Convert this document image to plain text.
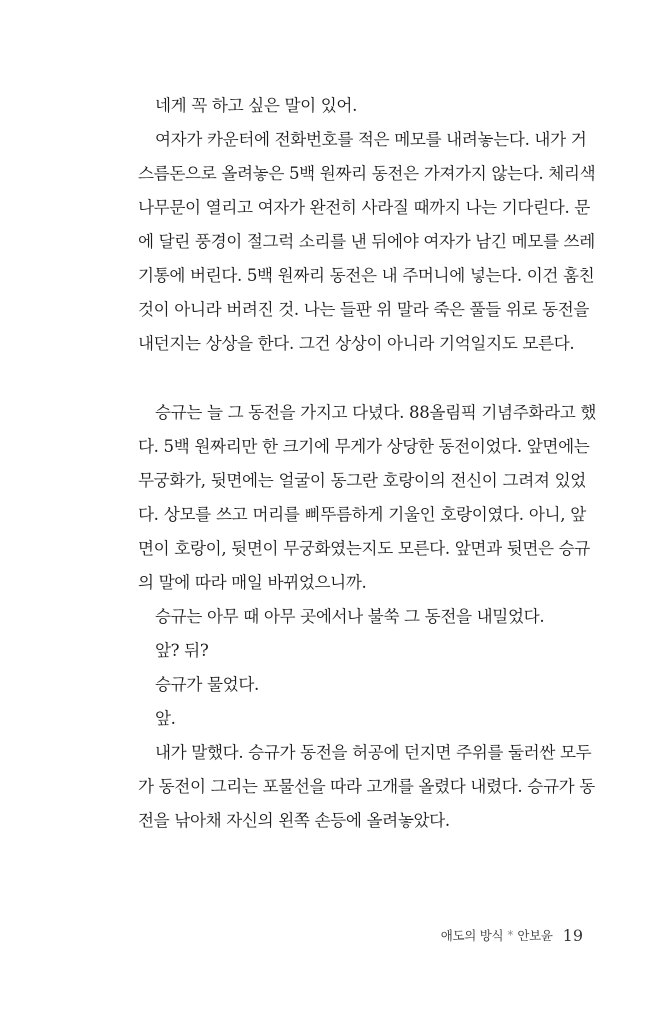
네게 꼭 하고 싶은 말이 있어.
여자가 카운터에 전화번호를 적은 메모를 내려놓는다. 내가 거
스름돈으로 올려놓은 5백 원짜리 동전은 가져가지 않는다. 체리색
나무문이 열리고 여자가 완전히 사라질 때까지 나는 기다린다. 문
에 달린 풍경이 절그럭 소리를 낸 뒤에야 여자가 남긴 메모를 쓰레
기통에 버린다. 5백 원짜리 동전은 내 주머니에 넣는다. 이건 훔친
것이 아니라 버려진 것. 나는 들판 위 말라 죽은 풀들 위로 동전을
내던지는 상상을 한다. 그건 상상이 아니라 기억일지도 모른다.
승규는 늘 그 동전을 가지고 다녔다. 88올림픽 기념주화라고 했
다. 5백 원짜리만 한 크기에 무게가 상당한 동전이었다. 앞면에는
무궁화가, 뒷면에는 얼굴이 동그란 호랑이의 전신이 그려져 있었
다. 상모를 쓰고 머리를 삐뚜름하게 기울인 호랑이였다. 아니, 앞
면이 호랑이, 뒷면이 무궁화였는지도 모른다. 앞면과 뒷면은 승규
의 말에 따라 매일 바뀌었으니까.
승규는 아무 때 아무 곳에서나 불쑥 그 동전을 내밀었다.
앞? 뒤?
승규가 물었다.
앞.
내가 말했다. 승규가 동전을 허공에 던지면 주위를 둘러싼 모두
가 동전이 그리는 포물선을 따라 고개를 올렸다 내렸다. 승규가 동
전을 낚아채 자신의 왼쪽 손등에 올려놓았다.
애도의 방식 * 안보윤 19
